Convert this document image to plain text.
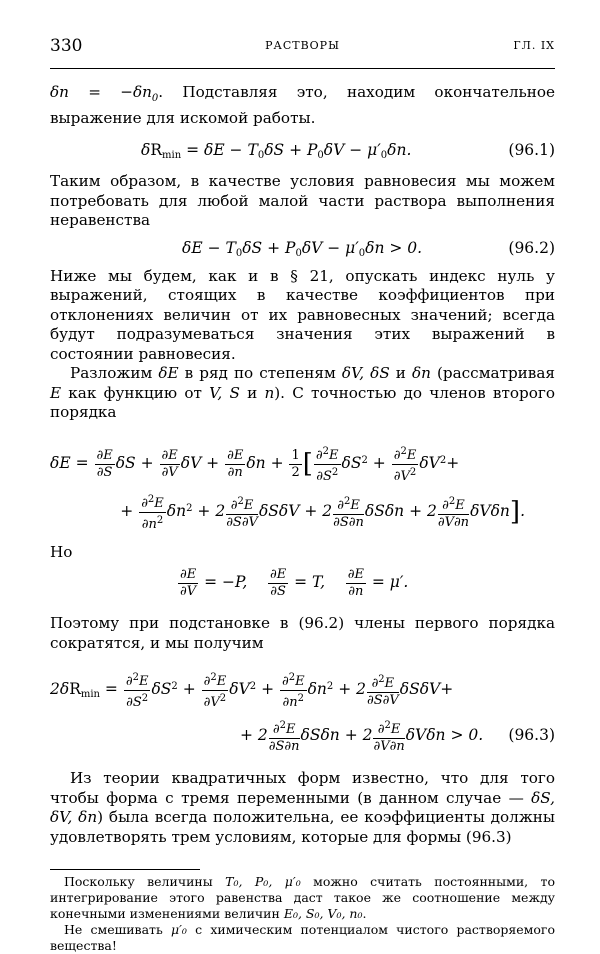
330	РАСТВОРЫ	ГЛ. IX

$\delta n = -\delta n_0$. Подставляя это, находим окончательное выражение для искомой работы.

δRmin = δE − T0δS + P0δV − μ′0δn.	(96.1)

Таким образом, в качестве условия равновесия мы можем потребовать для любой малой части раствора выполнения неравенства

δE − T0δS + P0δV − μ′0δn > 0.	(96.2)

Ниже мы будем, как и в § 21, опускать индекс нуль у выражений, стоящих в качестве коэффициентов при отклонениях величин от их равновесных значений; всегда будут подразумеваться значения этих выражений в состоянии равновесия.

Разложим δE в ряд по степеням δV, δS и δn (рассматривая E как функцию от V, S и n). С точностью до членов второго порядка

$\delta E = \frac{\partial E}{\partial S}$ $\delta S + \frac{\partial E}{\partial V}$ $\delta V + \frac{\partial E}{\partial n}$ $\delta n + \frac{1}{2}$ [ $\frac{\partial^2E}{\partial S^2} \delta S^2 + \frac{\partial^2E}{\partial V^2} \delta V^2+$
+ $\frac{\partial^2E}{\partial n^2} \delta n^2 + 2 \frac{\partial^2E}{\partial S\partial V}$ $\delta S\delta V + 2 \frac{\partial^2E}{\partial S\partial n}$ $\delta S\delta n + 2 \frac{\partial^2E}{\partial V\partial n} \delta V\delta n$].

Но

$\frac{\partial E}{\partial V} = -P$, $\frac{\partial E}{\partial S} = T$, $\frac{\partial E}{\partial n} = \mu'$.

Поэтому при подстановке в (96.2) члены первого порядка сократятся, и мы получим

$2\delta Rmin = \frac{\partial^2E}{\partial S^2} \delta S^2 + \frac{\partial^2E}{\partial V^2} \delta V^2 + \frac{\partial^2E}{\partial n^2} \delta n^2 + 2 \frac{\partial^2E}{\partial S\partial V} \delta S\delta V+$
+ $2 \frac{\partial^2E}{\partial S\partial n}$ $\delta S\delta n + 2 \frac{\partial^2E}{\partial V\partial n}$ δVδn > 0. (96.3)

Из теории квадратичных форм известно, что для того чтобы форма с тремя переменными (в данном случае — δS, δV, δn) была всегда положительна, ее коэффициенты должны удовлетворять трем условиям, которые для формы (96.3)

Поскольку величины T₀, P₀, μ′₀ можно считать постоянными, то интегрирование этого равенства даст такое же соотношение между конечными изменениями величин E₀, S₀, V₀, n₀.

Не смешивать μ′₀ с химическим потенциалом чистого растворяемого вещества!
